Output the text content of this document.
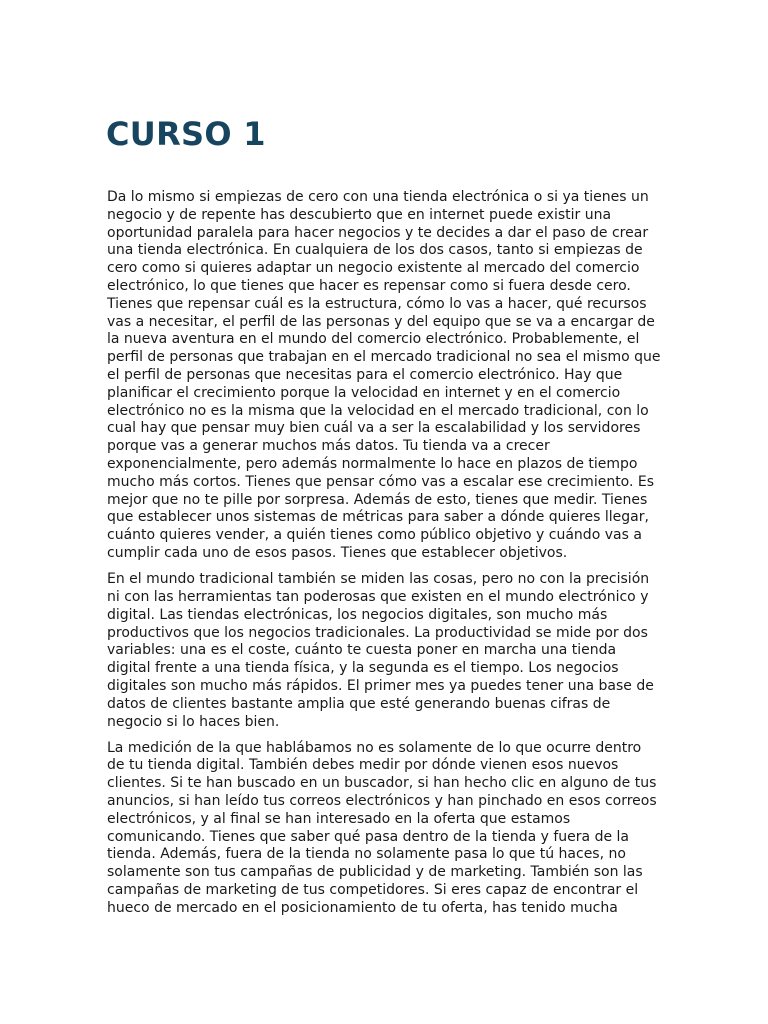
CURSO 1

Da lo mismo si empiezas de cero con una tienda electrónica o si ya tienes un negocio y de repente has descubierto que en internet puede existir una oportunidad paralela para hacer negocios y te decides a dar el paso de crear una tienda electrónica. En cualquiera de los dos casos, tanto si empiezas de cero como si quieres adaptar un negocio existente al mercado del comercio electrónico, lo que tienes que hacer es repensar como si fuera desde cero. Tienes que repensar cuál es la estructura, cómo lo vas a hacer, qué recursos vas a necesitar, el perfil de las personas y del equipo que se va a encargar de la nueva aventura en el mundo del comercio electrónico. Probablemente, el perfil de personas que trabajan en el mercado tradicional no sea el mismo que el perfil de personas que necesitas para el comercio electrónico. Hay que planificar el crecimiento porque la velocidad en internet y en el comercio electrónico no es la misma que la velocidad en el mercado tradicional, con lo cual hay que pensar muy bien cuál va a ser la escalabilidad y los servidores porque vas a generar muchos más datos. Tu tienda va a crecer exponencialmente, pero además normalmente lo hace en plazos de tiempo mucho más cortos. Tienes que pensar cómo vas a escalar ese crecimiento. Es mejor que no te pille por sorpresa. Además de esto, tienes que medir. Tienes que establecer unos sistemas de métricas para saber a dónde quieres llegar, cuánto quieres vender, a quién tienes como público objetivo y cuándo vas a cumplir cada uno de esos pasos. Tienes que establecer objetivos.

En el mundo tradicional también se miden las cosas, pero no con la precisión ni con las herramientas tan poderosas que existen en el mundo electrónico y digital. Las tiendas electrónicas, los negocios digitales, son mucho más productivos que los negocios tradicionales. La productividad se mide por dos variables: una es el coste, cuánto te cuesta poner en marcha una tienda digital frente a una tienda física, y la segunda es el tiempo. Los negocios digitales son mucho más rápidos. El primer mes ya puedes tener una base de datos de clientes bastante amplia que esté generando buenas cifras de negocio si lo haces bien.

La medición de la que hablábamos no es solamente de lo que ocurre dentro de tu tienda digital. También debes medir por dónde vienen esos nuevos clientes. Si te han buscado en un buscador, si han hecho clic en alguno de tus anuncios, si han leído tus correos electrónicos y han pinchado en esos correos electrónicos, y al final se han interesado en la oferta que estamos comunicando. Tienes que saber qué pasa dentro de la tienda y fuera de la tienda. Además, fuera de la tienda no solamente pasa lo que tú haces, no solamente son tus campañas de publicidad y de marketing. También son las campañas de marketing de tus competidores. Si eres capaz de encontrar el hueco de mercado en el posicionamiento de tu oferta, has tenido mucha
